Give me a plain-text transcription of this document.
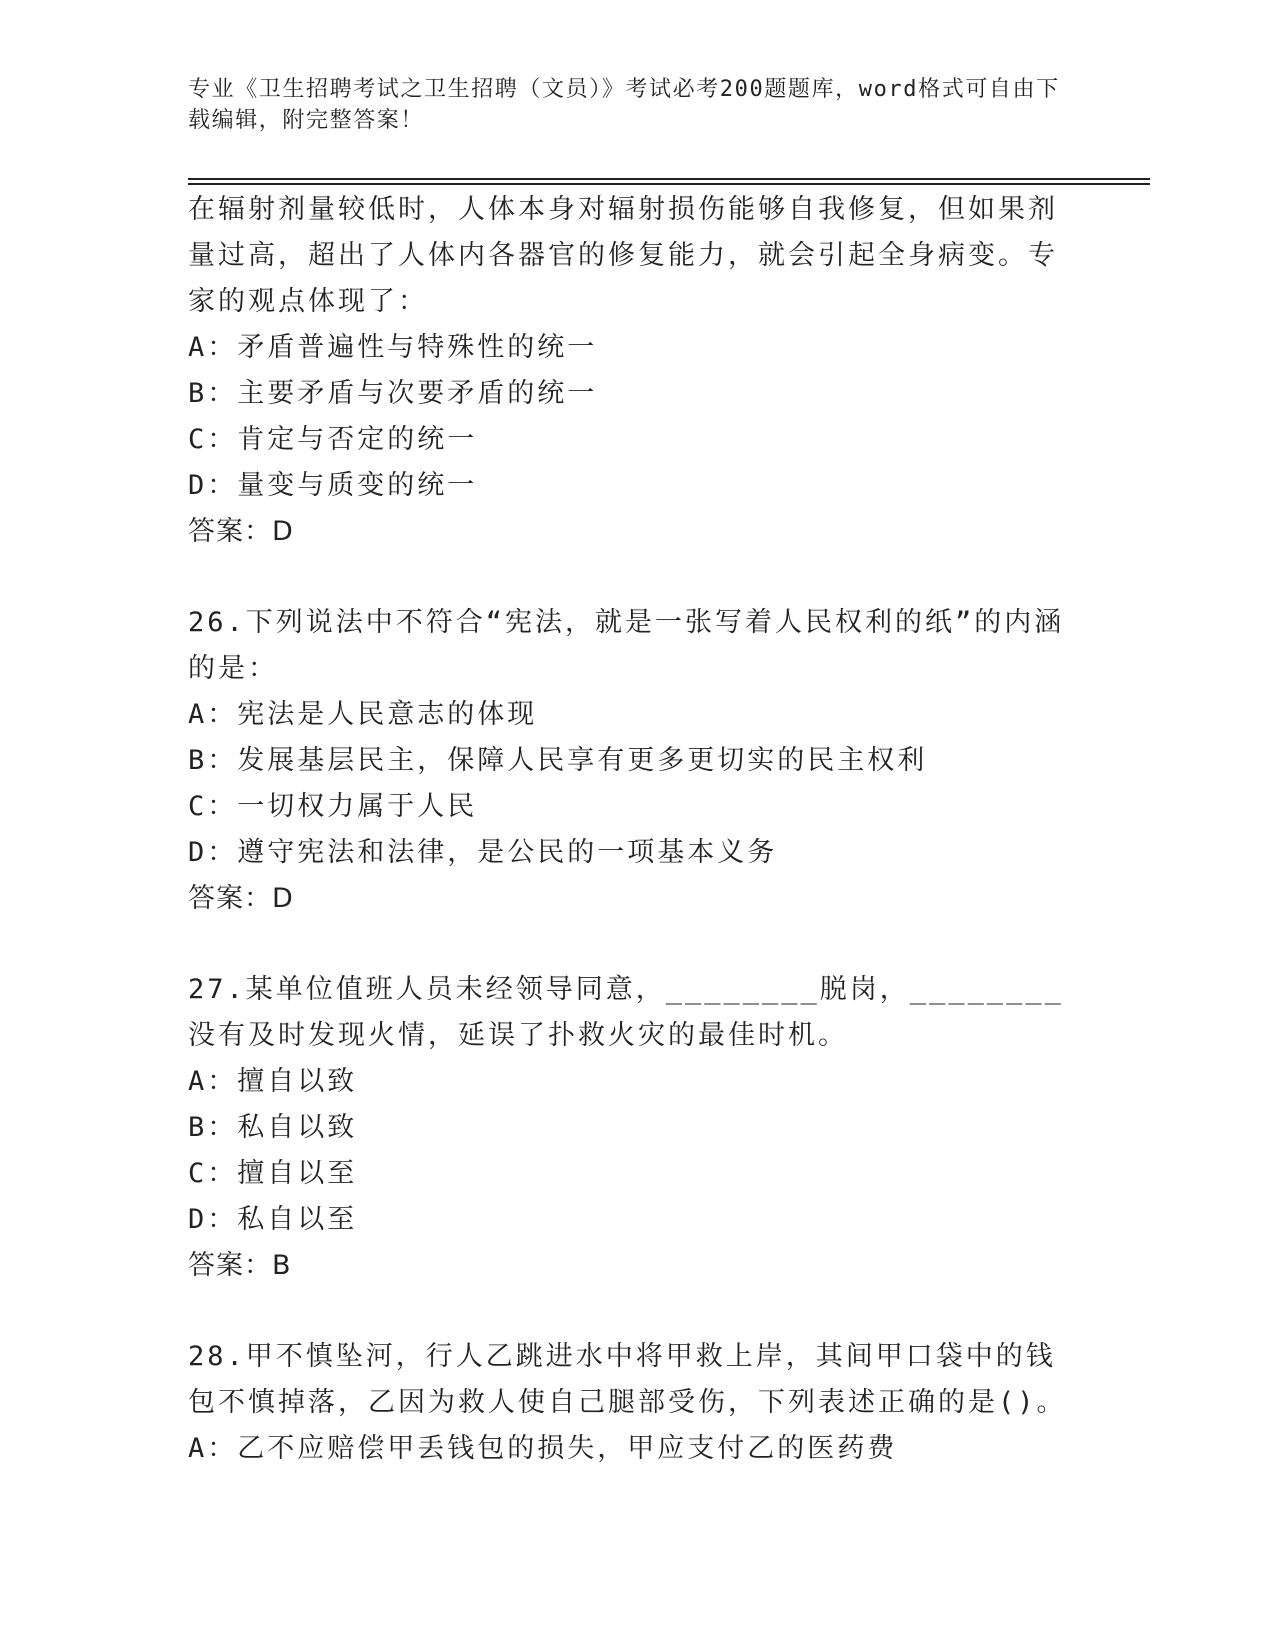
专业《卫生招聘考试之卫生招聘（文员）》考试必考200题题库，word格式可自由下载编辑，附完整答案！
在辐射剂量较低时，人体本身对辐射损伤能够自我修复，但如果剂量过高，超出了人体内各器官的修复能力，就会引起全身病变。专家的观点体现了：
A：矛盾普遍性与特殊性的统一
B：主要矛盾与次要矛盾的统一
C：肯定与否定的统一
D：量变与质变的统一
答案：D
26.下列说法中不符合“宪法，就是一张写着人民权利的纸”的内涵的是：
A：宪法是人民意志的体现
B：发展基层民主，保障人民享有更多更切实的民主权利
C：一切权力属于人民
D：遵守宪法和法律，是公民的一项基本义务
答案：D
27.某单位值班人员未经领导同意，________脱岗，________没有及时发现火情，延误了扑救火灾的最佳时机。
A：擅自以致
B：私自以致
C：擅自以至
D：私自以至
答案：B
28.甲不慎坠河，行人乙跳进水中将甲救上岸，其间甲口袋中的钱包不慎掉落，乙因为救人使自己腿部受伤，下列表述正确的是()。
A：乙不应赔偿甲丢钱包的损失，甲应支付乙的医药费
